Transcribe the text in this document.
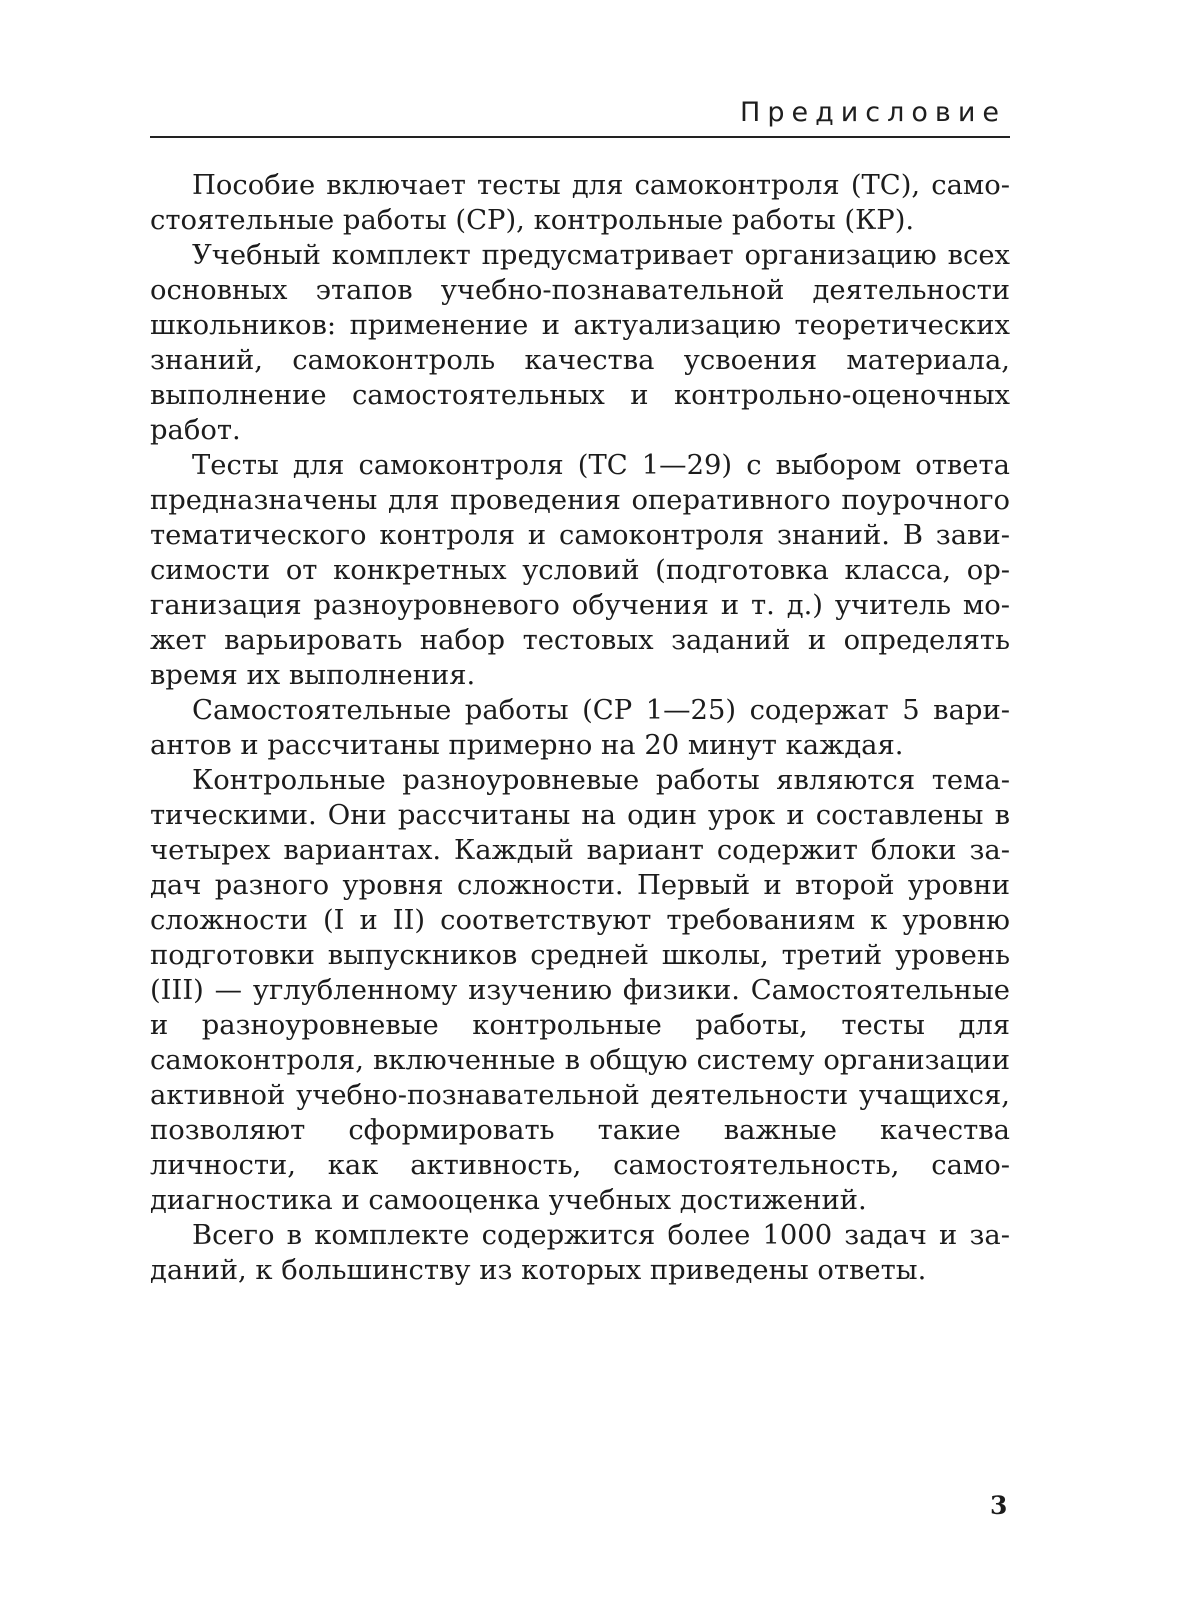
Предисловие

Пособие включает тесты для самоконтроля (ТС), самостоятельные работы (СР), контрольные работы (КР).

Учебный комплект предусматривает организацию всех основных этапов учебно-познавательной деятельности школьников: применение и актуализацию теоретических знаний, самоконтроль качества усвоения материала, выполнение самостоятельных и контрольно-оценочных работ.

Тесты для самоконтроля (ТС 1—29) с выбором ответа предназначены для проведения оперативного поурочного тематического контроля и самоконтроля знаний. В зависимости от конкретных условий (подготовка класса, организация разноуровневого обучения и т. д.) учитель может варьировать набор тестовых заданий и определять время их выполнения.

Самостоятельные работы (СР 1—25) содержат 5 вариантов и рассчитаны примерно на 20 минут каждая.

Контрольные разноуровневые работы являются тематическими. Они рассчитаны на один урок и составлены в четырех вариантах. Каждый вариант содержит блоки задач разного уровня сложности. Первый и второй уровни сложности (I и II) соответствуют требованиям к уровню подготовки выпускников средней школы, третий уровень (III) — углубленному изучению физики. Самостоятельные и разноуровневые контрольные работы, тесты для самоконтроля, включенные в общую систему организации активной учебно-познавательной деятельности учащихся, позволяют сформировать такие важные качества личности, как активность, самостоятельность, самодиагностика и самооценка учебных достижений.

Всего в комплекте содержится более 1000 задач и заданий, к большинству из которых приведены ответы.

3
